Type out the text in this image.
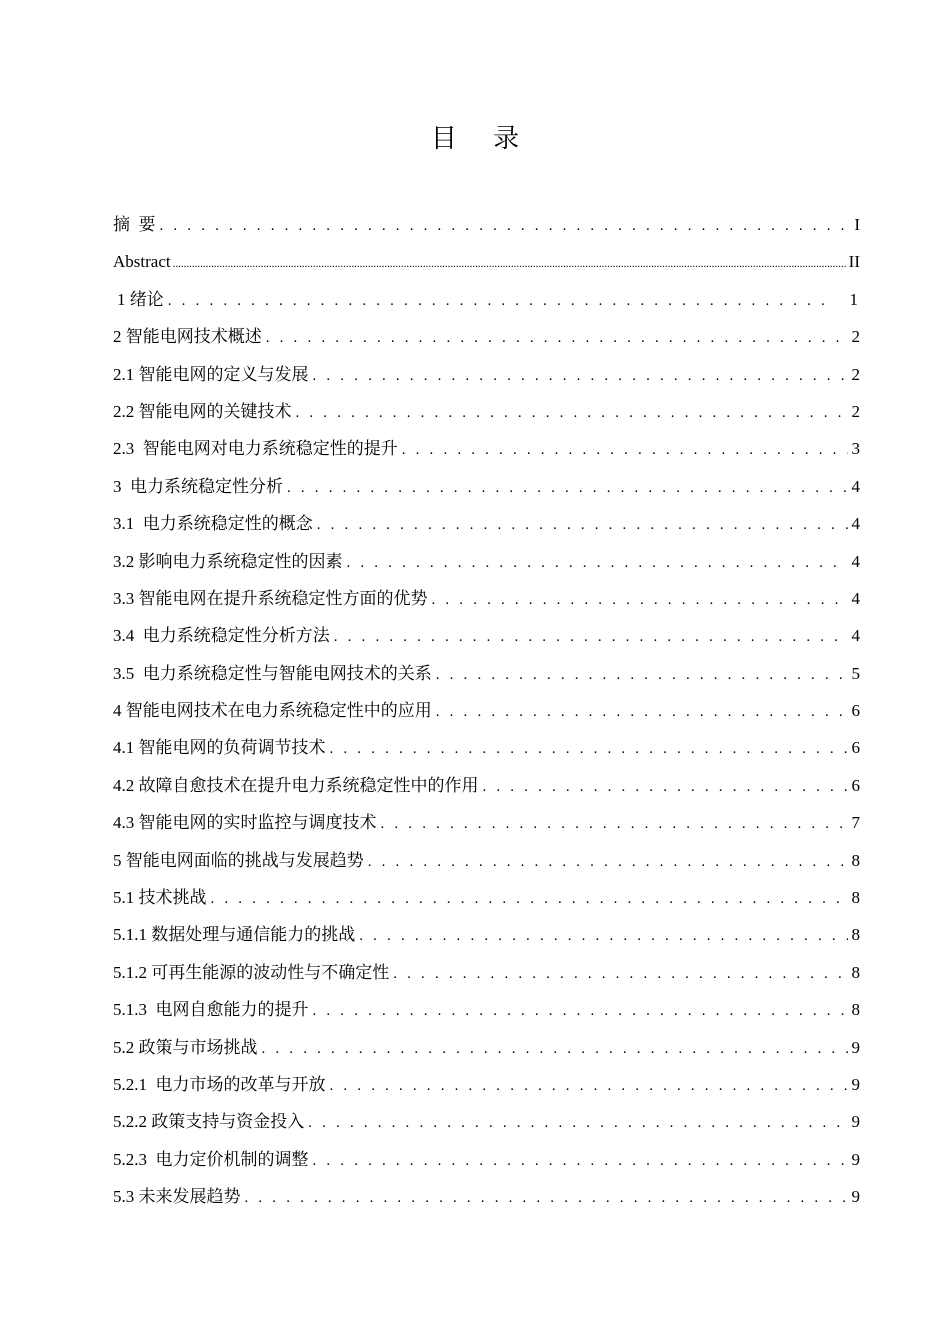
目 录
摘  要 . . .	I
Abstract .....	II
1 绪论 . . .	1
2 智能电网技术概述 . . .	2
2.1 智能电网的定义与发展 . . .	2
2.2 智能电网的关键技术 . . .	2
2.3  智能电网对电力系统稳定性的提升 . . .	3
3  电力系统稳定性分析 . . .	4
3.1  电力系统稳定性的概念 . . .	4
3.2 影响电力系统稳定性的因素 . . .	4
3.3 智能电网在提升系统稳定性方面的优势 . . .	4
3.4  电力系统稳定性分析方法 . . .	4
3.5  电力系统稳定性与智能电网技术的关系 . . .	5
4 智能电网技术在电力系统稳定性中的应用 . . .	6
4.1 智能电网的负荷调节技术 . . .	6
4.2 故障自愈技术在提升电力系统稳定性中的作用 . . .	6
4.3 智能电网的实时监控与调度技术 . . .	7
5 智能电网面临的挑战与发展趋势 . . .	8
5.1 技术挑战 . . .	8
5.1.1 数据处理与通信能力的挑战 . . .	8
5.1.2 可再生能源的波动性与不确定性 . . .	8
5.1.3  电网自愈能力的提升 . . .	8
5.2 政策与市场挑战 . . .	9
5.2.1  电力市场的改革与开放 . . .	9
5.2.2 政策支持与资金投入 . . .	9
5.2.3  电力定价机制的调整 . . .	9
5.3 未来发展趋势 . . .	9
